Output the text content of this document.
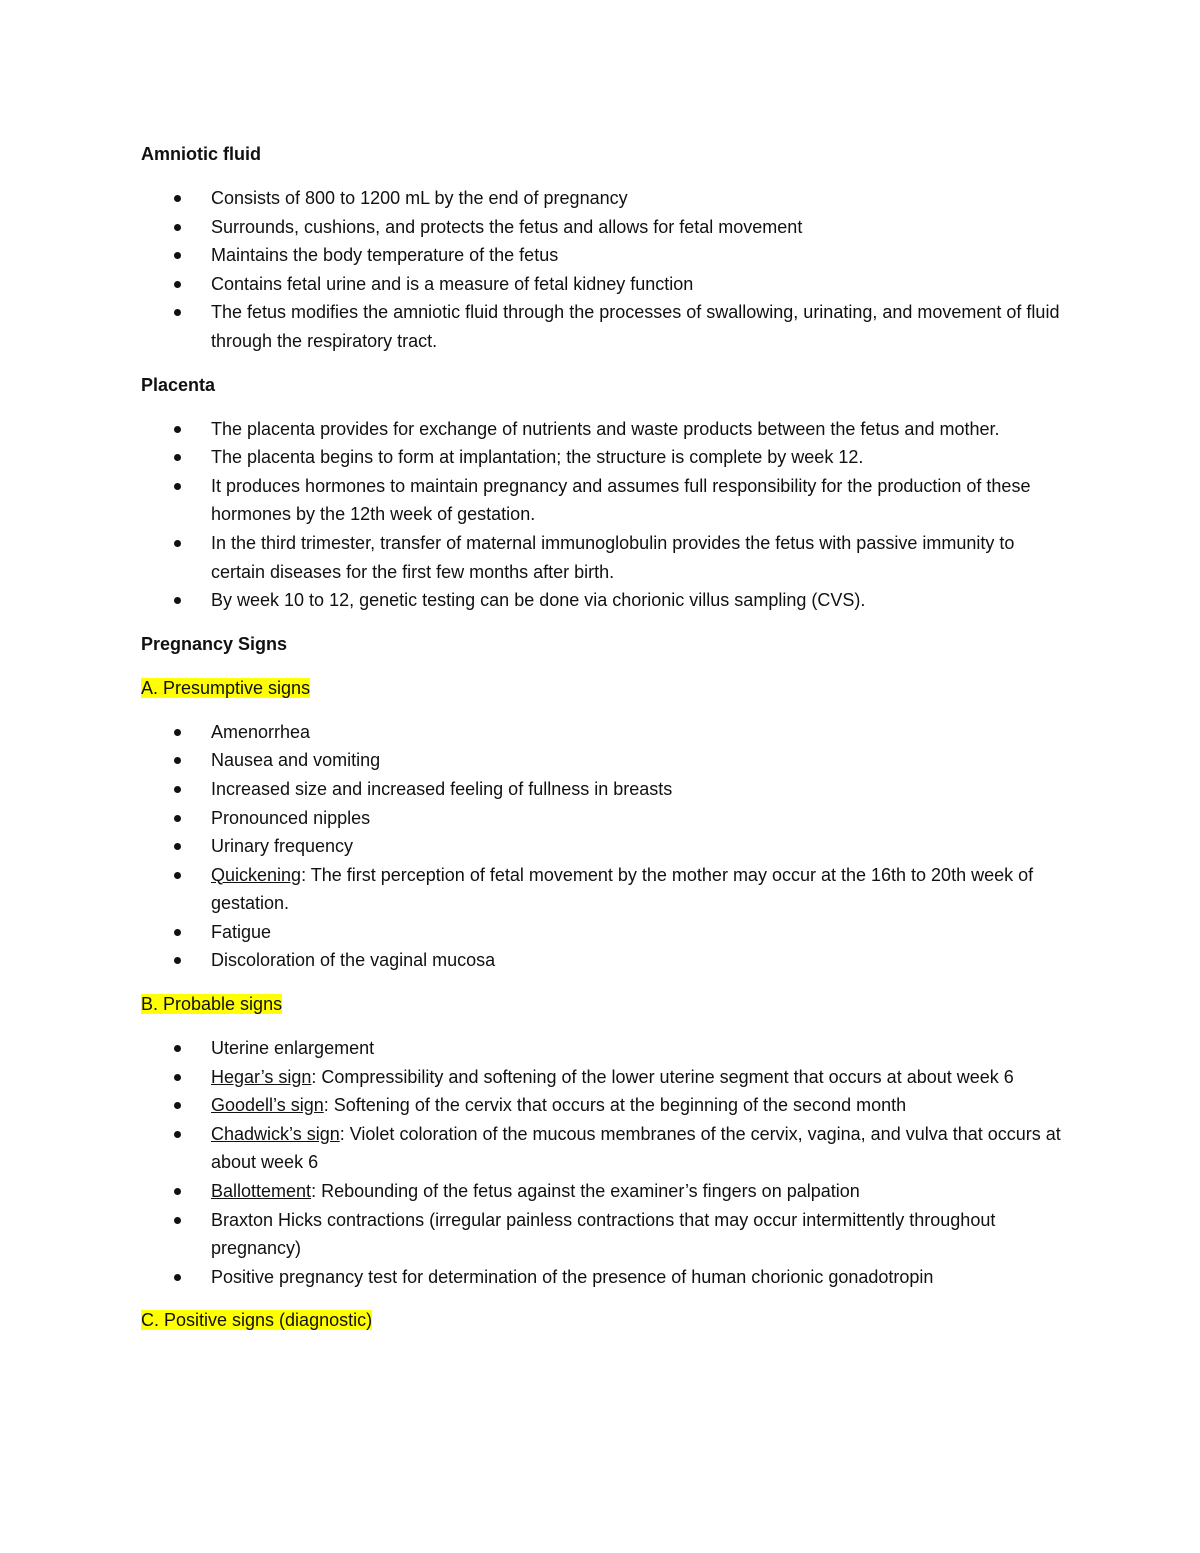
Amniotic fluid
Consists of 800 to 1200 mL by the end of pregnancy
Surrounds, cushions, and protects the fetus and allows for fetal movement
Maintains the body temperature of the fetus
Contains fetal urine and is a measure of fetal kidney function
The fetus modifies the amniotic fluid through the processes of swallowing, urinating, and movement of fluid through the respiratory tract.
Placenta
The placenta provides for exchange of nutrients and waste products between the fetus and mother.
The placenta begins to form at implantation; the structure is complete by week 12.
It produces hormones to maintain pregnancy and assumes full responsibility for the production of these hormones by the 12th week of gestation.
In the third trimester, transfer of maternal immunoglobulin provides the fetus with passive immunity to certain diseases for the first few months after birth.
By week 10 to 12, genetic testing can be done via chorionic villus sampling (CVS).
Pregnancy Signs
A. Presumptive signs
Amenorrhea
Nausea and vomiting
Increased size and increased feeling of fullness in breasts
Pronounced nipples
Urinary frequency
Quickening: The first perception of fetal movement by the mother may occur at the 16th to 20th week of gestation.
Fatigue
Discoloration of the vaginal mucosa
B. Probable signs
Uterine enlargement
Hegar’s sign: Compressibility and softening of the lower uterine segment that occurs at about week 6
Goodell’s sign: Softening of the cervix that occurs at the beginning of the second month
Chadwick’s sign: Violet coloration of the mucous membranes of the cervix, vagina, and vulva that occurs at about week 6
Ballottement: Rebounding of the fetus against the examiner’s fingers on palpation
Braxton Hicks contractions (irregular painless contractions that may occur intermittently throughout pregnancy)
Positive pregnancy test for determination of the presence of human chorionic gonadotropin
C. Positive signs (diagnostic)
